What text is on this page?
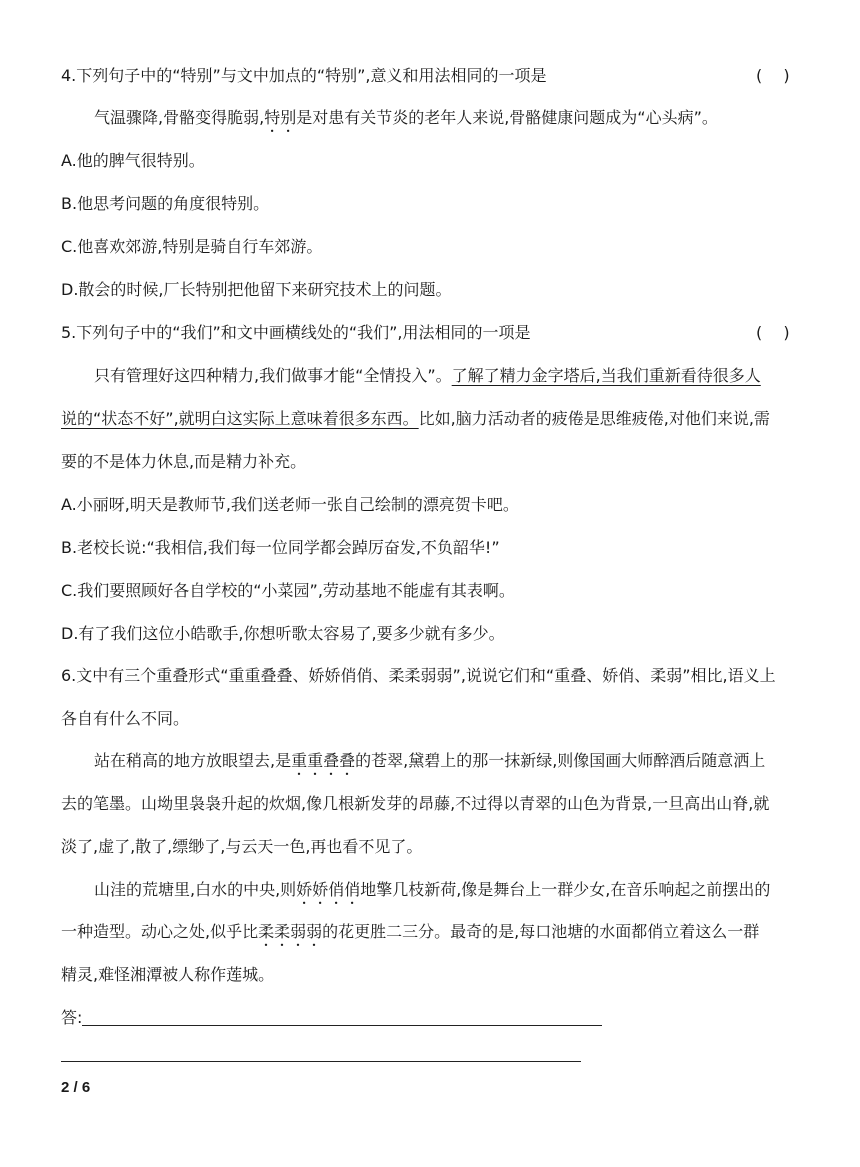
4.下列句子中的“特别”与文中加点的“特别”,意义和用法相同的一项是	(　 )
气温骤降,骨骼变得脆弱,特别是对患有关节炎的老年人来说,骨骼健康问题成为“心头病”。
A.他的脾气很特别。
B.他思考问题的角度很特别。
C.他喜欢郊游,特别是骑自行车郊游。
D.散会的时候,厂长特别把他留下来研究技术上的问题。
5.下列句子中的“我们”和文中画横线处的“我们”,用法相同的一项是	(　 )
只有管理好这四种精力,我们做事才能“全情投入”。了解了精力金字塔后,当我们重新看待很多人
说的“状态不好”,就明白这实际上意味着很多东西。比如,脑力活动者的疲倦是思维疲倦,对他们来说,需
要的不是体力休息,而是精力补充。
A.小丽呀,明天是教师节,我们送老师一张自己绘制的漂亮贺卡吧。
B.老校长说:“我相信,我们每一位同学都会踔厉奋发,不负韶华!”
C.我们要照顾好各自学校的“小菜园”,劳动基地不能虚有其表啊。
D.有了我们这位小皓歌手,你想听歌太容易了,要多少就有多少。
6.文中有三个重叠形式“重重叠叠、娇娇俏俏、柔柔弱弱”,说说它们和“重叠、娇俏、柔弱”相比,语义上
各自有什么不同。
站在稍高的地方放眼望去,是重重叠叠的苍翠,黛碧上的那一抹新绿,则像国画大师醉酒后随意洒上
去的笔墨。山坳里袅袅升起的炊烟,像几根新发芽的昂藤,不过得以青翠的山色为背景,一旦高出山脊,就
淡了,虚了,散了,缥缈了,与云天一色,再也看不见了。
山洼的荒塘里,白水的中央,则娇娇俏俏地擎几枝新荷,像是舞台上一群少女,在音乐响起之前摆出的
一种造型。动心之处,似乎比柔柔弱弱的花更胜二三分。最奇的是,每口池塘的水面都俏立着这么一群
精灵,难怪湘潭被人称作莲城。
答:
2 / 6
